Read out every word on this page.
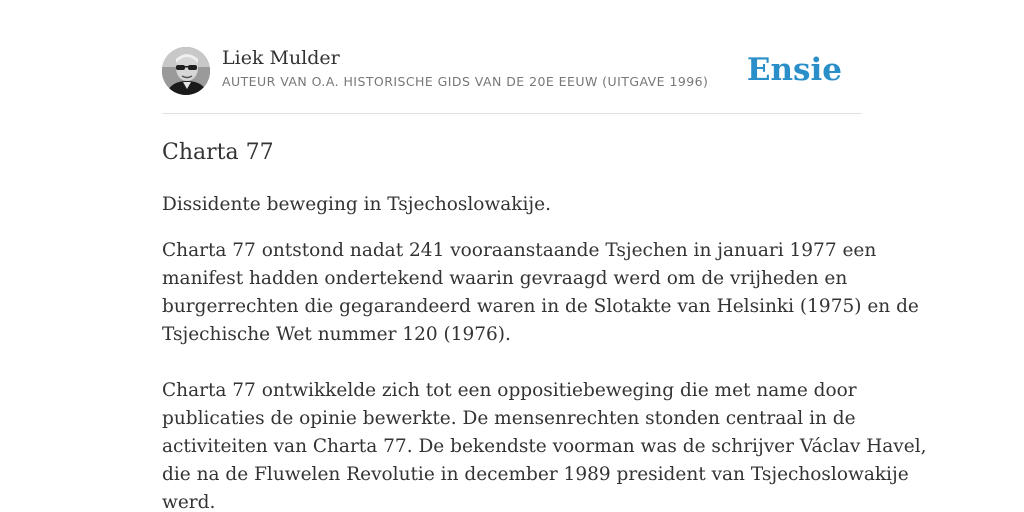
Liek Mulder
AUTEUR VAN O.A. HISTORISCHE GIDS VAN DE 20E EEUW (UITGAVE 1996) Ensie
Charta 77

Dissidente beweging in Tsjechoslowakije.

Charta 77 ontstond nadat 241 vooraanstaande Tsjechen in januari 1977 een
manifest hadden ondertekend waarin gevraagd werd om de vrijheden en
burgerrechten die gegarandeerd waren in de Slotakte van Helsinki (1975) en de
Tsjechische Wet nummer 120 (1976).
Charta 77 ontwikkelde zich tot een oppositiebeweging die met name door
publicaties de opinie bewerkte. De mensenrechten stonden centraal in de
activiteiten van Charta 77. De bekendste voorman was de schrijver Václav Havel,
die na de Fluwelen Revolutie in december 1989 president van Tsjechoslowakije
werd.
